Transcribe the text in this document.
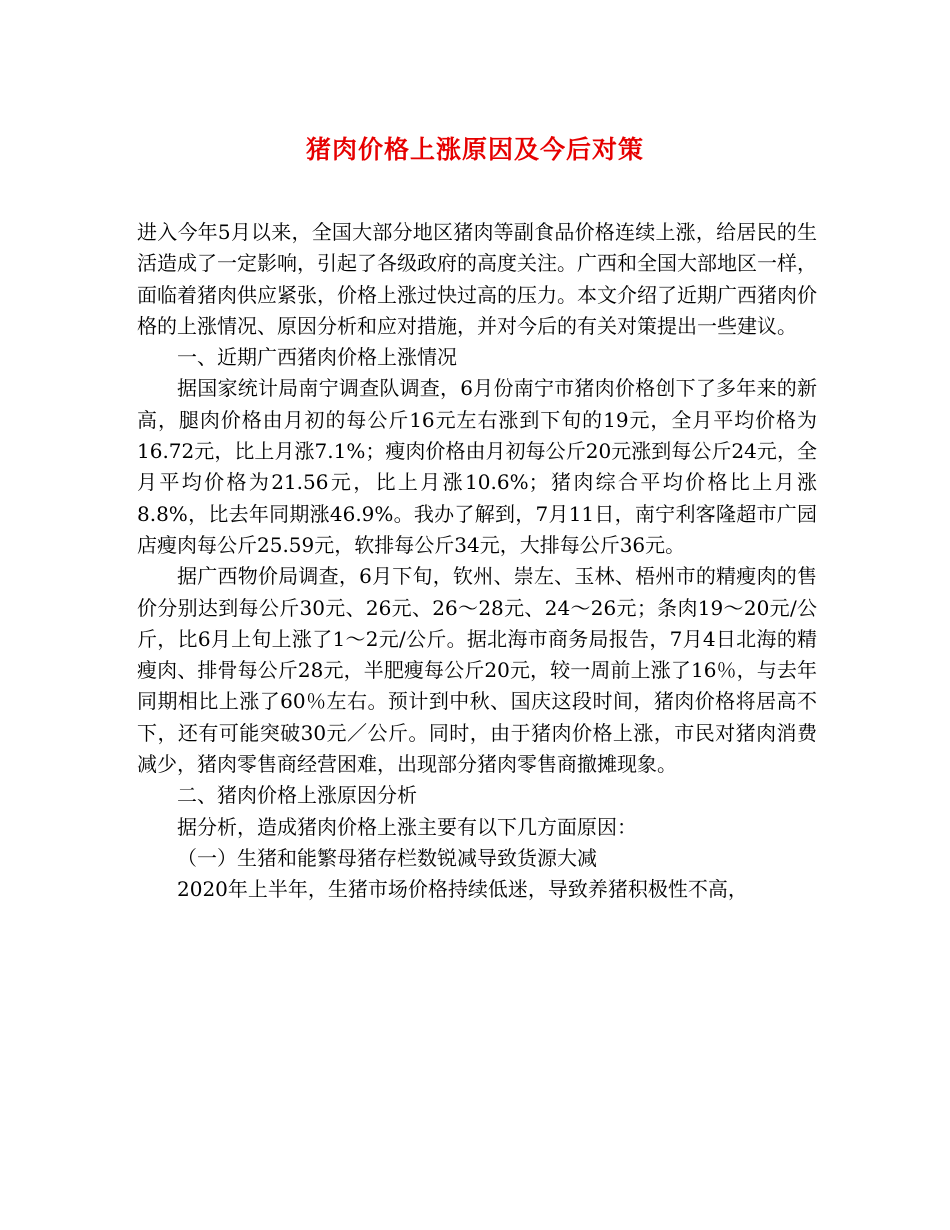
猪肉价格上涨原因及今后对策

进入今年5月以来，全国大部分地区猪肉等副食品价格连续上涨，给居民的生活造成了一定影响，引起了各级政府的高度关注。广西和全国大部地区一样，面临着猪肉供应紧张，价格上涨过快过高的压力。本文介绍了近期广西猪肉价格的上涨情况、原因分析和应对措施，并对今后的有关对策提出一些建议。

一、近期广西猪肉价格上涨情况

据国家统计局南宁调查队调查，6月份南宁市猪肉价格创下了多年来的新高，腿肉价格由月初的每公斤16元左右涨到下旬的19元，全月平均价格为16.72元，比上月涨7.1%；瘦肉价格由月初每公斤20元涨到每公斤24元，全月平均价格为21.56元，比上月涨10.6%；猪肉综合平均价格比上月涨8.8%，比去年同期涨46.9%。我办了解到，7月11日，南宁利客隆超市广园店瘦肉每公斤25.59元，软排每公斤34元，大排每公斤36元。

据广西物价局调查，6月下旬，钦州、崇左、玉林、梧州市的精瘦肉的售价分别达到每公斤30元、26元、26～28元、24～26元；条肉19～20元/公斤，比6月上旬上涨了1～2元/公斤。据北海市商务局报告，7月4日北海的精瘦肉、排骨每公斤28元，半肥瘦每公斤20元，较一周前上涨了16％，与去年同期相比上涨了60％左右。预计到中秋、国庆这段时间，猪肉价格将居高不下，还有可能突破30元／公斤。同时，由于猪肉价格上涨，市民对猪肉消费减少，猪肉零售商经营困难，出现部分猪肉零售商撤摊现象。

二、猪肉价格上涨原因分析

据分析，造成猪肉价格上涨主要有以下几方面原因：

（一）生猪和能繁母猪存栏数锐减导致货源大减

2020年上半年，生猪市场价格持续低迷，导致养猪积极性不高，
